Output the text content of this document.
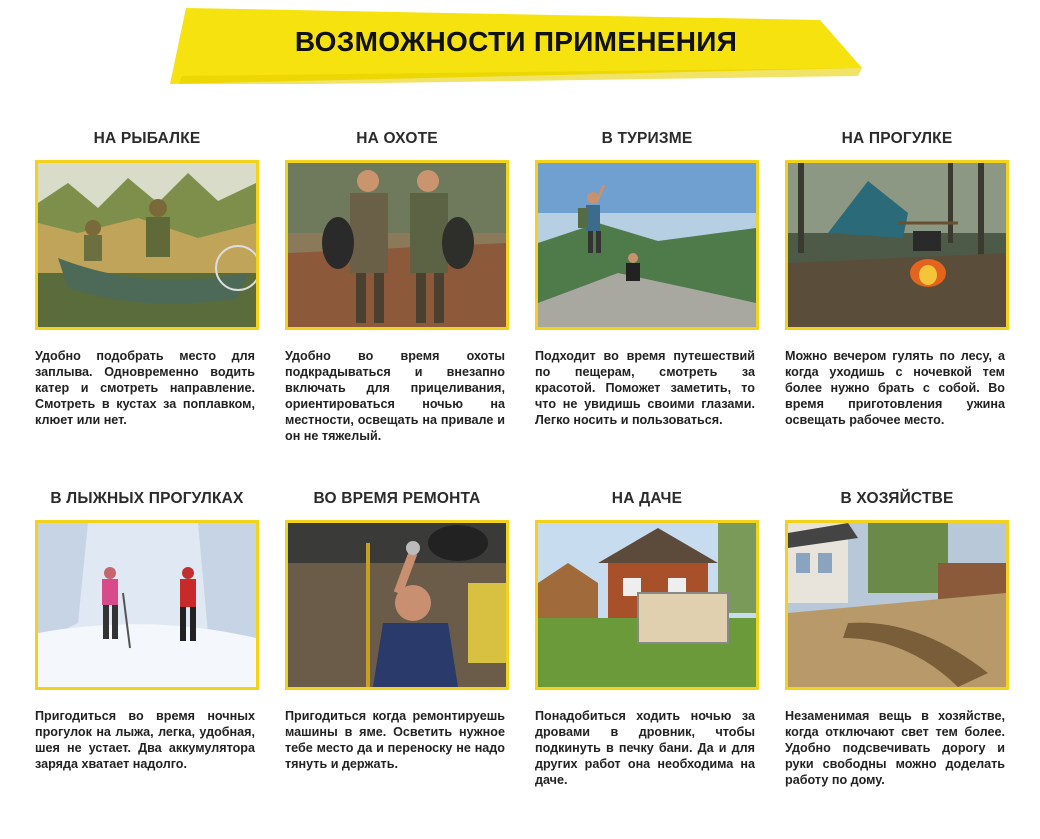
ВОЗМОЖНОСТИ ПРИМЕНЕНИЯ
НА РЫБАЛКЕ
Удобно подобрать место для заплыва. Одновременно водить катер и смотреть направление. Смотреть в кустах за поплавком, клюет или нет.
НА ОХОТЕ
Удобно во время охоты подкрадываться и внезапно включать для прицеливания, ориентироваться ночью на местности, освещать на привале и он не тяжелый.
В ТУРИЗМЕ
Подходит во время путешествий по пещерам, смотреть за красотой. Поможет заметить, то что не увидишь своими глазами. Легко носить и пользоваться.
НА ПРОГУЛКЕ
Можно вечером гулять по лесу, а когда уходишь с ночевкой тем более нужно брать с собой. Во время приготовления ужина освещать рабочее место.
В ЛЫЖНЫХ ПРОГУЛКАХ
Пригодиться во время ночных прогулок на лыжа, легка, удобная, шея не устает. Два аккумулятора заряда хватает надолго.
ВО ВРЕМЯ РЕМОНТА
Пригодиться когда ремонтируешь машины в яме. Осветить нужное тебе место да и переноску не надо тянуть и держать.
НА ДАЧЕ
Понадобиться ходить ночью за дровами в дровник, чтобы подкинуть в печку бани. Да и для других работ она необходима на даче.
В ХОЗЯЙСТВЕ
Незаменимая вещь в хозяйстве, когда отключают свет тем более. Удобно подсвечивать дорогу и руки свободны можно доделать работу по дому.
